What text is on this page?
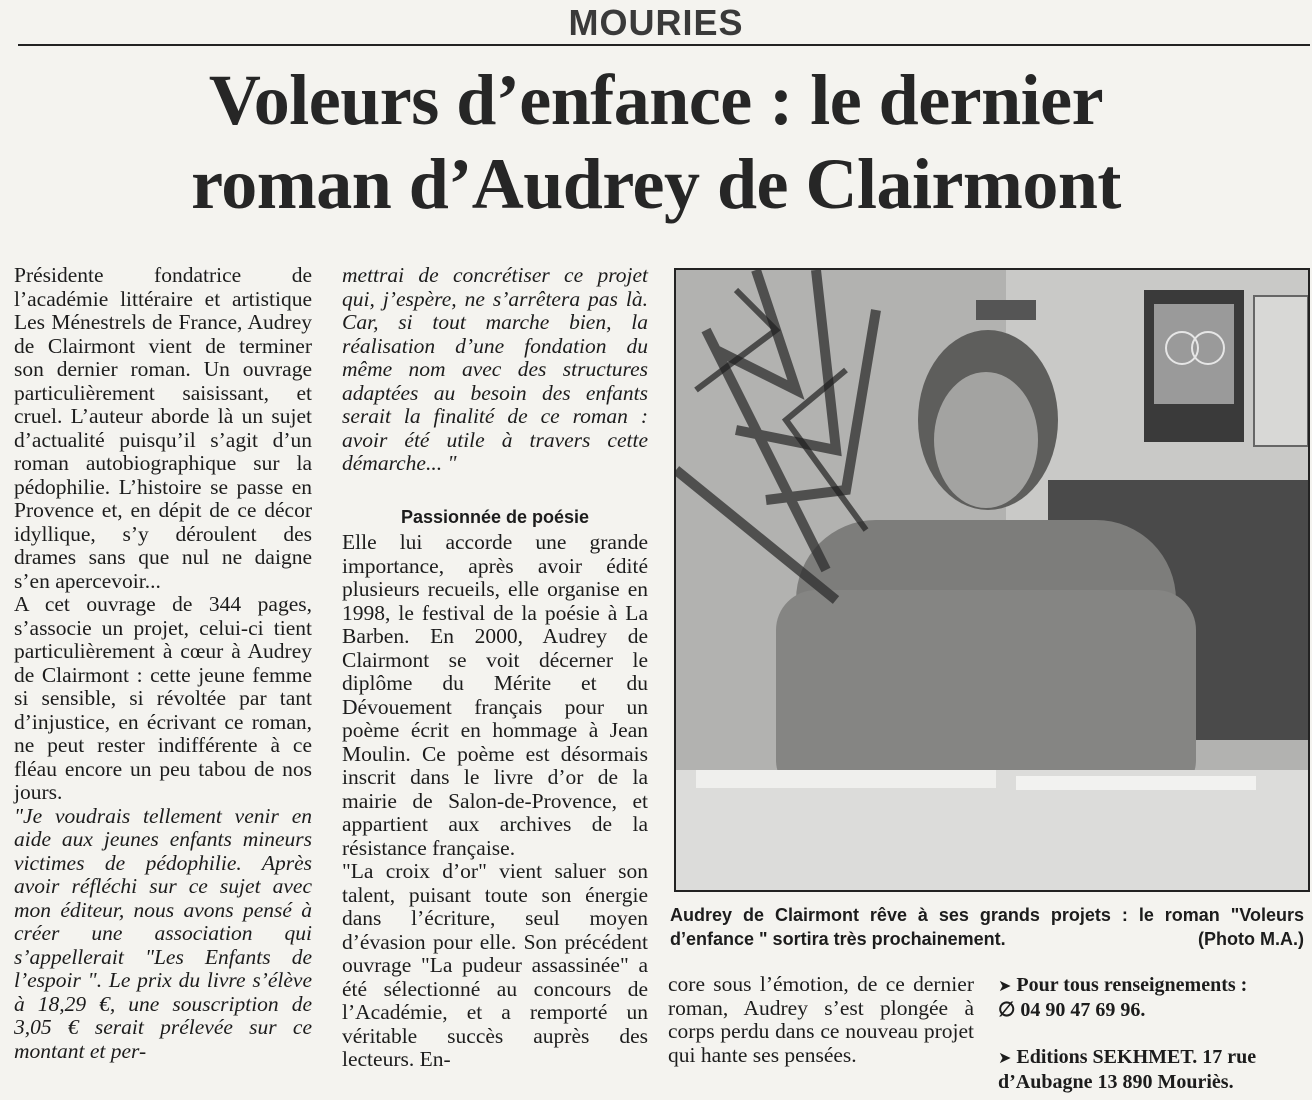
MOURIES
Voleurs d’enfance : le dernier
roman d’Audrey de Clairmont

Présidente fondatrice de l’académie littéraire et artistique Les Ménestrels de France, Audrey de Clairmont vient de terminer son dernier roman. Un ouvrage particulièrement saisissant, et cruel. L’auteur aborde là un sujet d’actualité puisqu’il s’agit d’un roman autobiographique sur la pédophilie. L’histoire se passe en Provence et, en dépit de ce décor idyllique, s’y déroulent des drames sans que nul ne daigne s’en apercevoir...

A cet ouvrage de 344 pages, s’associe un projet, celui-ci tient particulièrement à cœur à Audrey de Clairmont : cette jeune femme si sensible, si révoltée par tant d’injustice, en écrivant ce roman, ne peut rester indifférente à ce fléau encore un peu tabou de nos jours.

"Je voudrais tellement venir en aide aux jeunes enfants mineurs victimes de pédophilie. Après avoir réfléchi sur ce sujet avec mon éditeur, nous avons pensé à créer une association qui s’appellerait "Les Enfants de l’espoir ". Le prix du livre s’élève à 18,29 €, une souscription de 3,05 € serait prélevée sur ce montant et per-

mettrai de concrétiser ce projet qui, j’espère, ne s’arrêtera pas là. Car, si tout marche bien, la réalisation d’une fondation du même nom avec des structures adaptées au besoin des enfants serait la finalité de ce roman : avoir été utile à travers cette démarche... "

Passionnée de poésie

Elle lui accorde une grande importance, après avoir édité plusieurs recueils, elle organise en 1998, le festival de la poésie à La Barben. En 2000, Audrey de Clairmont se voit décerner le diplôme du Mérite et du Dévouement français pour un poème écrit en hommage à Jean Moulin. Ce poème est désormais inscrit dans le livre d’or de la mairie de Salon-de-Provence, et appartient aux archives de la résistance française.

"La croix d’or" vient saluer son talent, puisant toute son énergie dans l’écriture, seul moyen d’évasion pour elle. Son précédent ouvrage "La pudeur assassinée" a été sélectionné au concours de l’Académie, et a remporté un véritable succès auprès des lecteurs. En-

Audrey de Clairmont rêve à ses grands projets : le roman "Voleurs d’enfance " sortira très prochainement.	(Photo M.A.)

core sous l’émotion, de ce dernier roman, Audrey s’est plongée à corps perdu dans ce nouveau projet qui hante ses pensées.

➤ Pour tous renseignements :
∅ 04 90 47 69 96.
➤ Editions SEKHMET. 17 rue d’Aubagne 13 890 Mouriès.
